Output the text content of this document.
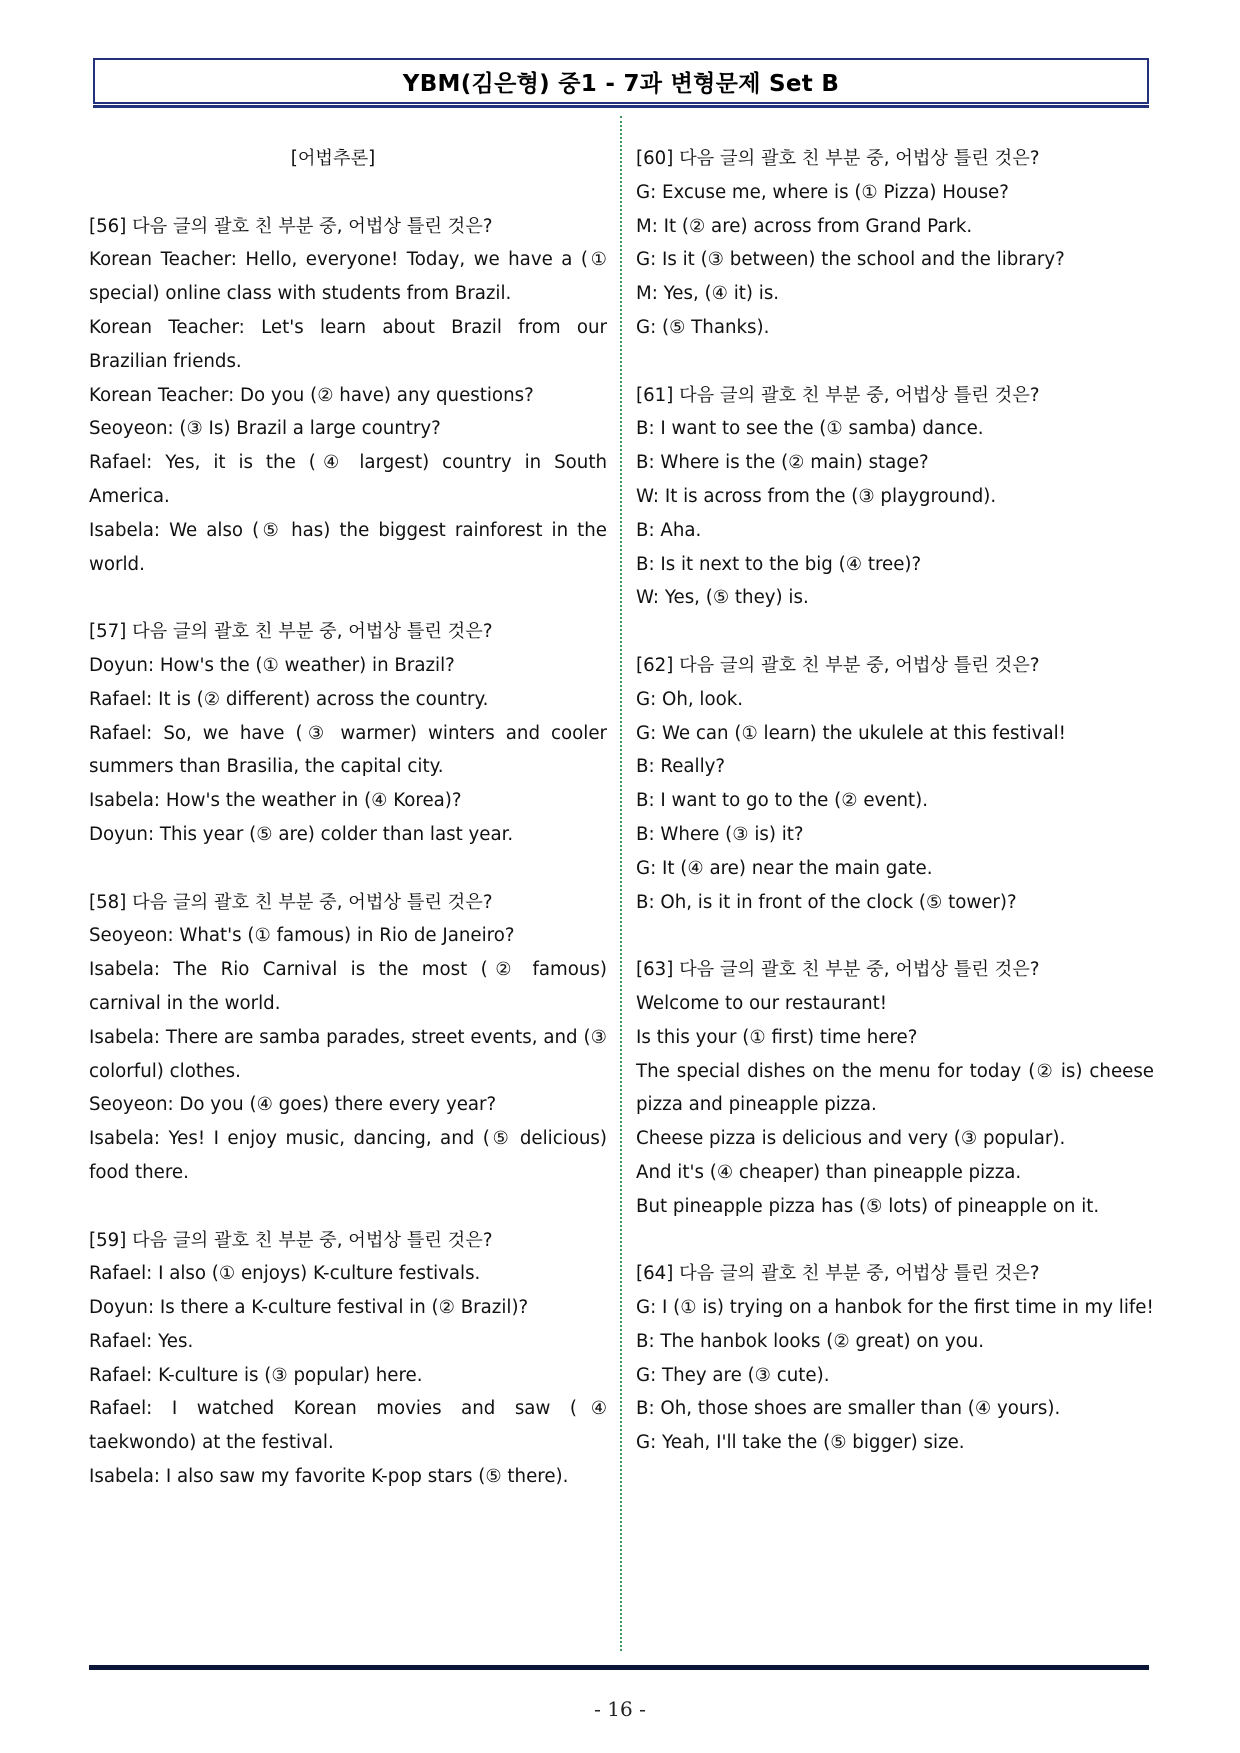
YBM(김은형) 중1 - 7과 변형문제 Set B
[어법추론]
[56] 다음 글의 괄호 친 부분 중, 어법상 틀린 것은?
Korean Teacher: Hello, everyone! Today, we have a (① special) online class with students from Brazil.
Korean Teacher: Let's learn about Brazil from our Brazilian friends.
Korean Teacher: Do you (② have) any questions?
Seoyeon: (③ Is) Brazil a large country?
Rafael: Yes, it is the (④ largest) country in South America.
Isabela: We also (⑤ has) the biggest rainforest in the world.
[57] 다음 글의 괄호 친 부분 중, 어법상 틀린 것은?
Doyun: How's the (① weather) in Brazil?
Rafael: It is (② different) across the country.
Rafael: So, we have (③ warmer) winters and cooler summers than Brasilia, the capital city.
Isabela: How's the weather in (④ Korea)?
Doyun: This year (⑤ are) colder than last year.
[58] 다음 글의 괄호 친 부분 중, 어법상 틀린 것은?
Seoyeon: What's (① famous) in Rio de Janeiro?
Isabela: The Rio Carnival is the most (② famous) carnival in the world.
Isabela: There are samba parades, street events, and (③ colorful) clothes.
Seoyeon: Do you (④ goes) there every year?
Isabela: Yes! I enjoy music, dancing, and (⑤ delicious) food there.
[59] 다음 글의 괄호 친 부분 중, 어법상 틀린 것은?
Rafael: I also (① enjoys) K-culture festivals.
Doyun: Is there a K-culture festival in (② Brazil)?
Rafael: Yes.
Rafael: K-culture is (③ popular) here.
Rafael: I watched Korean movies and saw (④ taekwondo) at the festival.
Isabela: I also saw my favorite K-pop stars (⑤ there).
[60] 다음 글의 괄호 친 부분 중, 어법상 틀린 것은?
G: Excuse me, where is (① Pizza) House?
M: It (② are) across from Grand Park.
G: Is it (③ between) the school and the library?
M: Yes, (④ it) is.
G: (⑤ Thanks).
[61] 다음 글의 괄호 친 부분 중, 어법상 틀린 것은?
B: I want to see the (① samba) dance.
B: Where is the (② main) stage?
W: It is across from the (③ playground).
B: Aha.
B: Is it next to the big (④ tree)?
W: Yes, (⑤ they) is.
[62] 다음 글의 괄호 친 부분 중, 어법상 틀린 것은?
G: Oh, look.
G: We can (① learn) the ukulele at this festival!
B: Really?
B: I want to go to the (② event).
B: Where (③ is) it?
G: It (④ are) near the main gate.
B: Oh, is it in front of the clock (⑤ tower)?
[63] 다음 글의 괄호 친 부분 중, 어법상 틀린 것은?
Welcome to our restaurant!
Is this your (① first) time here?
The special dishes on the menu for today (② is) cheese pizza and pineapple pizza.
Cheese pizza is delicious and very (③ popular).
And it's (④ cheaper) than pineapple pizza.
But pineapple pizza has (⑤ lots) of pineapple on it.
[64] 다음 글의 괄호 친 부분 중, 어법상 틀린 것은?
G: I (① is) trying on a hanbok for the first time in my life!
B: The hanbok looks (② great) on you.
G: They are (③ cute).
B: Oh, those shoes are smaller than (④ yours).
G: Yeah, I'll take the (⑤ bigger) size.
- 16 -
